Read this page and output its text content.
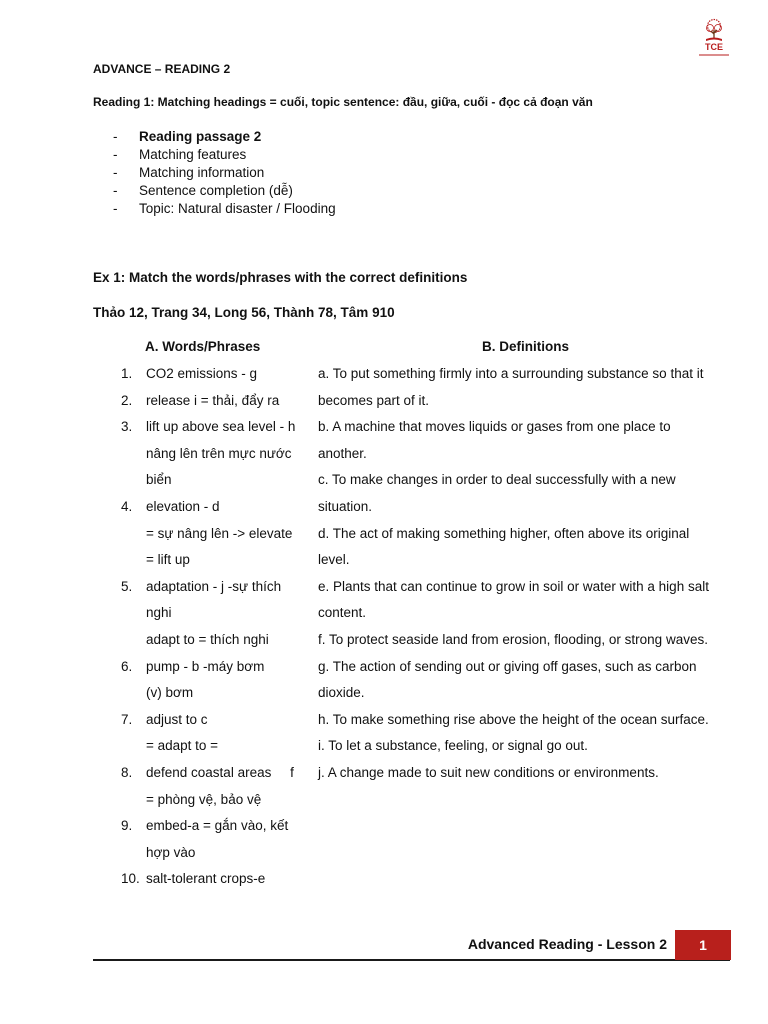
TCE
ADVANCE – READING 2
Reading 1: Matching headings = cuối, topic sentence: đầu, giữa, cuối - đọc cả đoạn văn
- Reading passage 2
- Matching features
- Matching information
- Sentence completion (dễ)
- Topic: Natural disaster / Flooding
Ex 1: Match the words/phrases with the correct definitions
Thảo 12, Trang 34, Long 56, Thành 78, Tâm 910
A. Words/Phrases	B. Definitions
1. CO2 emissions - g
2. release i = thải, đẩy ra
3. lift up above sea level - h
nâng lên trên mực nước
biển
4. elevation - d
= sự nâng lên -> elevate
= lift up
5. adaptation - j -sự thích
nghi
adapt to = thích nghi
6. pump - b -máy bơm
(v) bơm
7. adjust to c
= adapt to =
8. defend coastal areas     f
= phòng vệ, bảo vệ
9. embed-a = gắn vào, kết
hợp vào
10. salt-tolerant crops-e
a. To put something firmly into a surrounding substance so that it
becomes part of it.
b. A machine that moves liquids or gases from one place to
another.
c. To make changes in order to deal successfully with a new
situation.
d. The act of making something higher, often above its original
level.
e. Plants that can continue to grow in soil or water with a high salt
content.
f. To protect seaside land from erosion, flooding, or strong waves.
g. The action of sending out or giving off gases, such as carbon
dioxide.
h. To make something rise above the height of the ocean surface.
i. To let a substance, feeling, or signal go out.
j. A change made to suit new conditions or environments.
Advanced Reading - Lesson 2	1
